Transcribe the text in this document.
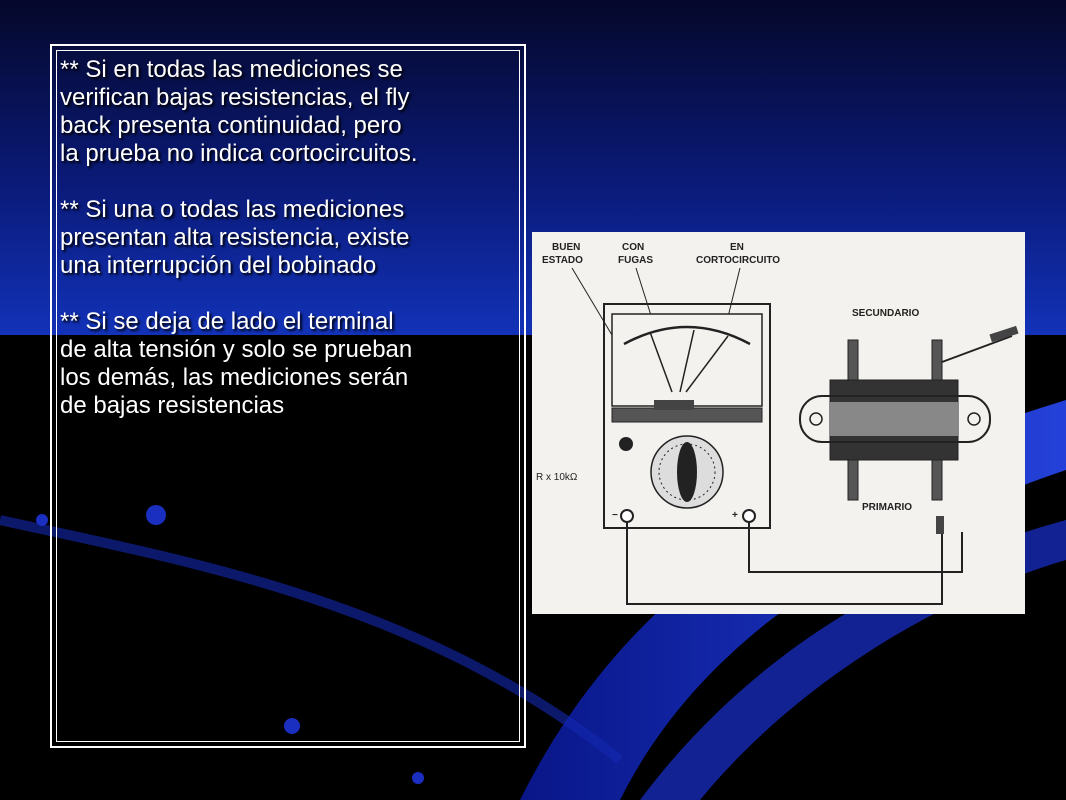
** Si en todas las mediciones se
verifican bajas resistencias, el fly
back presenta continuidad, pero
la prueba no indica cortocircuitos.

** Si una o todas las mediciones
presentan alta resistencia, existe
una interrupción del bobinado

** Si se deja de lado el terminal
de alta tensión y solo se prueban
los demás, las mediciones serán
de bajas resistencias

BUEN
ESTADO
CON
FUGAS
EN
CORTOCIRCUITO
R x 10kΩ
−	+
SECUNDARIO
PRIMARIO
